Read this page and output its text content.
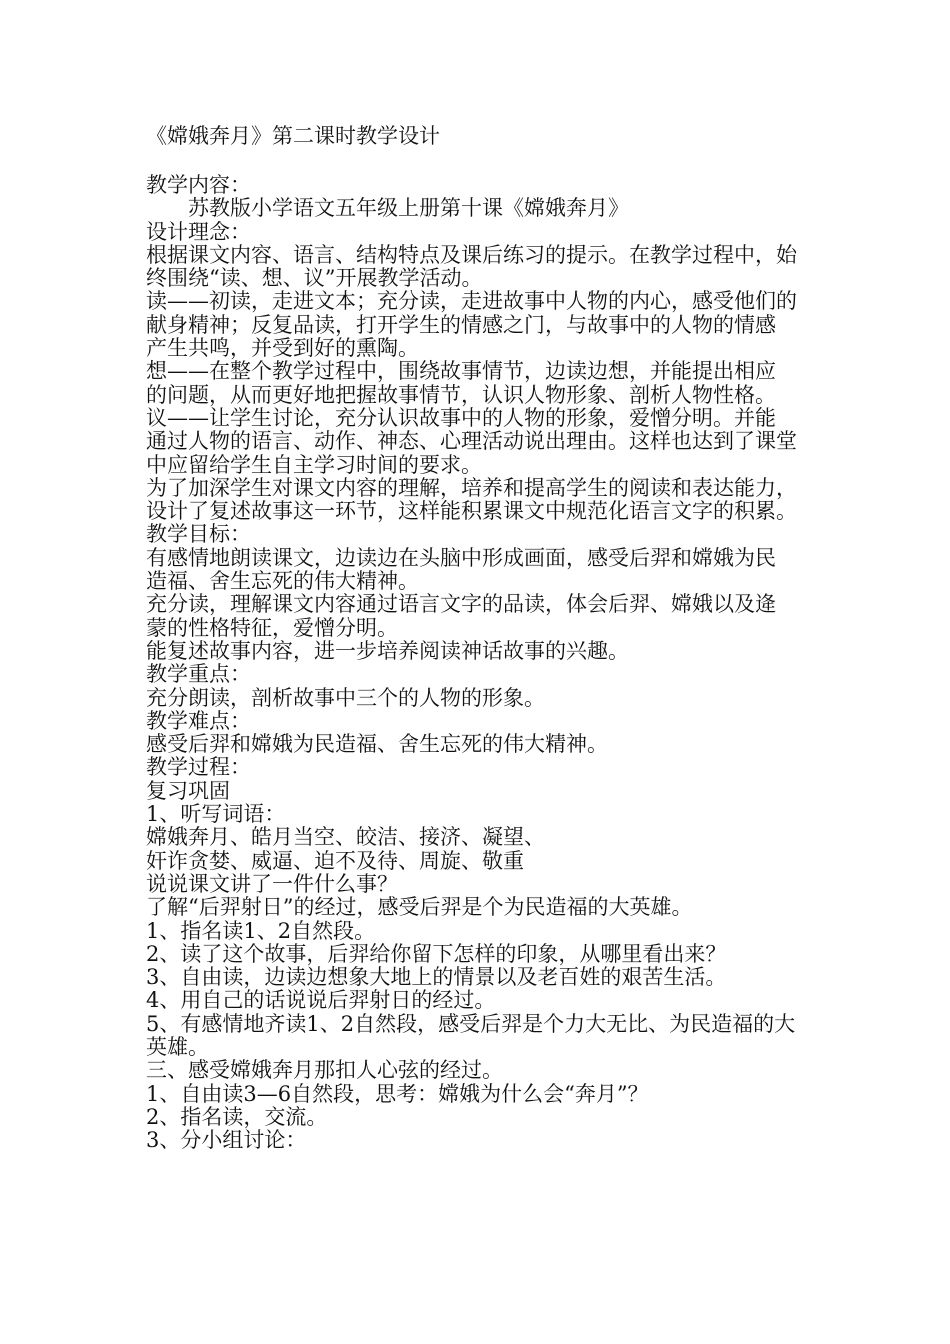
《嫦娥奔月》第二课时教学设计
教学内容：
苏教版小学语文五年级上册第十课《嫦娥奔月》
设计理念：
根据课文内容、语言、结构特点及课后练习的提示。在教学过程中，始
终围绕“读、想、议”开展教学活动。
读——初读，走进文本；充分读，走进故事中人物的内心，感受他们的
献身精神；反复品读，打开学生的情感之门，与故事中的人物的情感
产生共鸣，并受到好的熏陶。
想——在整个教学过程中，围绕故事情节，边读边想，并能提出相应
的问题，从而更好地把握故事情节，认识人物形象、剖析人物性格。
议——让学生讨论，充分认识故事中的人物的形象，爱憎分明。并能
通过人物的语言、动作、神态、心理活动说出理由。这样也达到了课堂
中应留给学生自主学习时间的要求。
为了加深学生对课文内容的理解，培养和提高学生的阅读和表达能力，
设计了复述故事这一环节，这样能积累课文中规范化语言文字的积累。
教学目标：
有感情地朗读课文，边读边在头脑中形成画面，感受后羿和嫦娥为民
造福、舍生忘死的伟大精神。
充分读，理解课文内容通过语言文字的品读，体会后羿、嫦娥以及逄
蒙的性格特征，爱憎分明。
能复述故事内容，进一步培养阅读神话故事的兴趣。
教学重点：
充分朗读，剖析故事中三个的人物的形象。
教学难点：
感受后羿和嫦娥为民造福、舍生忘死的伟大精神。
教学过程：
复习巩固
1、听写词语：
嫦娥奔月、皓月当空、皎洁、接济、凝望、
奸诈贪婪、威逼、迫不及待、周旋、敬重
说说课文讲了一件什么事？
了解“后羿射日”的经过，感受后羿是个为民造福的大英雄。
1、指名读1、2自然段。
2、读了这个故事，后羿给你留下怎样的印象，从哪里看出来？
3、自由读，边读边想象大地上的情景以及老百姓的艰苦生活。
4、用自己的话说说后羿射日的经过。
5、有感情地齐读1、2自然段，感受后羿是个力大无比、为民造福的大
英雄。
三、感受嫦娥奔月那扣人心弦的经过。
1、自由读3—6自然段，思考：嫦娥为什么会“奔月”？
2、指名读，交流。
3、分小组讨论：
